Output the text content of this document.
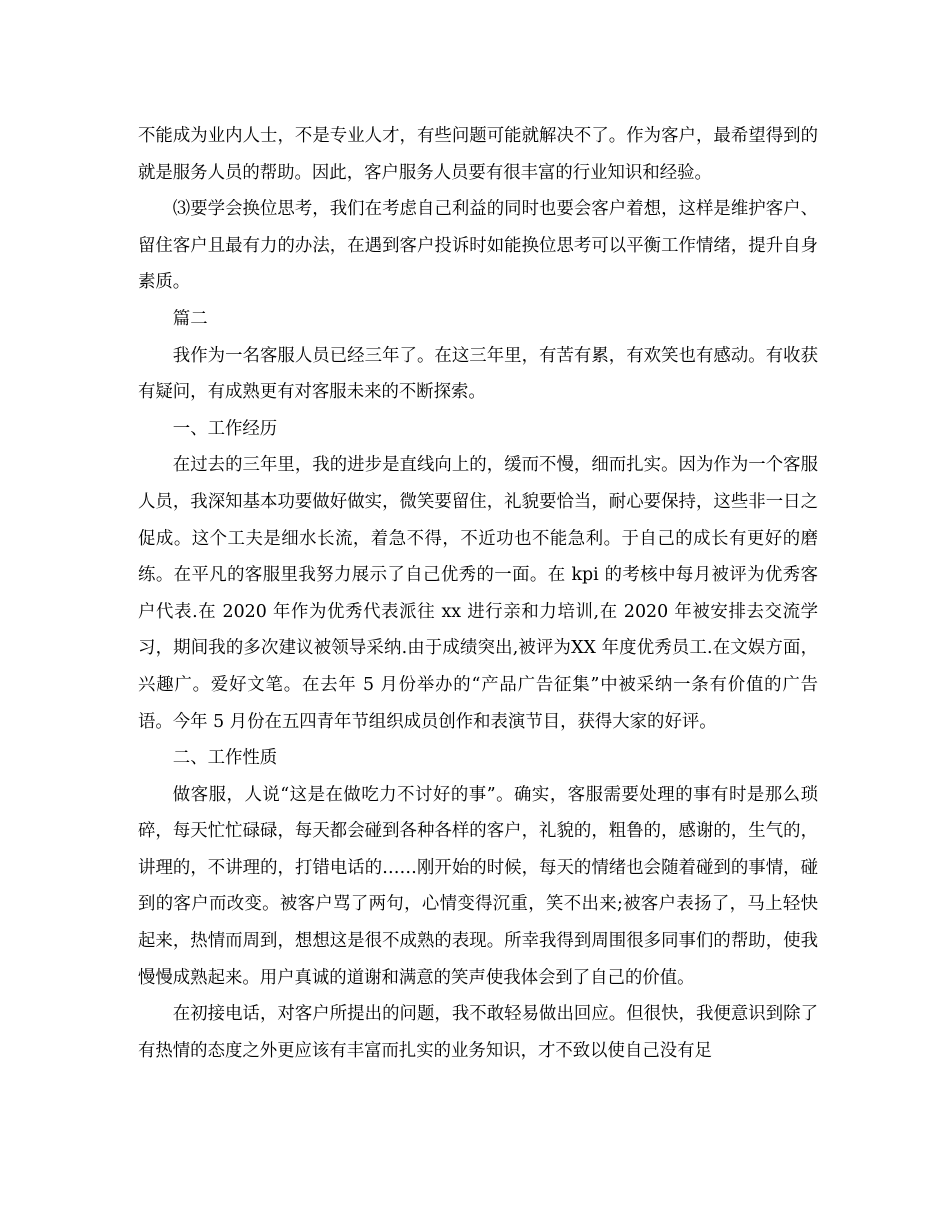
不能成为业内人士，不是专业人才，有些问题可能就解决不了。作为客户，最希望得到的就是服务人员的帮助。因此，客户服务人员要有很丰富的行业知识和经验。

⑶要学会换位思考，我们在考虑自己利益的同时也要会客户着想，这样是维护客户、留住客户且最有力的办法，在遇到客户投诉时如能换位思考可以平衡工作情绪，提升自身素质。

篇二

我作为一名客服人员已经三年了。在这三年里，有苦有累，有欢笑也有感动。有收获有疑问，有成熟更有对客服未来的不断探索。

一、工作经历

在过去的三年里，我的进步是直线向上的，缓而不慢，细而扎实。因为作为一个客服人员，我深知基本功要做好做实，微笑要留住，礼貌要恰当，耐心要保持，这些非一日之促成。这个工夫是细水长流，着急不得，不近功也不能急利。于自己的成长有更好的磨练。在平凡的客服里我努力展示了自己优秀的一面。在 kpi 的考核中每月被评为优秀客户代表.在 2020 年作为优秀代表派往 xx 进行亲和力培训,在 2020 年被安排去交流学习，期间我的多次建议被领导采纳.由于成绩突出,被评为XX 年度优秀员工.在文娱方面，兴趣广。爱好文笔。在去年 5 月份举办的“产品广告征集”中被采纳一条有价值的广告语。今年 5 月份在五四青年节组织成员创作和表演节目，获得大家的好评。

二、工作性质

做客服，人说“这是在做吃力不讨好的事”。确实，客服需要处理的事有时是那么琐碎，每天忙忙碌碌，每天都会碰到各种各样的客户，礼貌的，粗鲁的，感谢的，生气的，讲理的，不讲理的，打错电话的……刚开始的时候，每天的情绪也会随着碰到的事情，碰到的客户而改变。被客户骂了两句，心情变得沉重，笑不出来;被客户表扬了，马上轻快起来，热情而周到，想想这是很不成熟的表现。所幸我得到周围很多同事们的帮助，使我慢慢成熟起来。用户真诚的道谢和满意的笑声使我体会到了自己的价值。

在初接电话，对客户所提出的问题，我不敢轻易做出回应。但很快，我便意识到除了有热情的态度之外更应该有丰富而扎实的业务知识，才不致以使自己没有足
